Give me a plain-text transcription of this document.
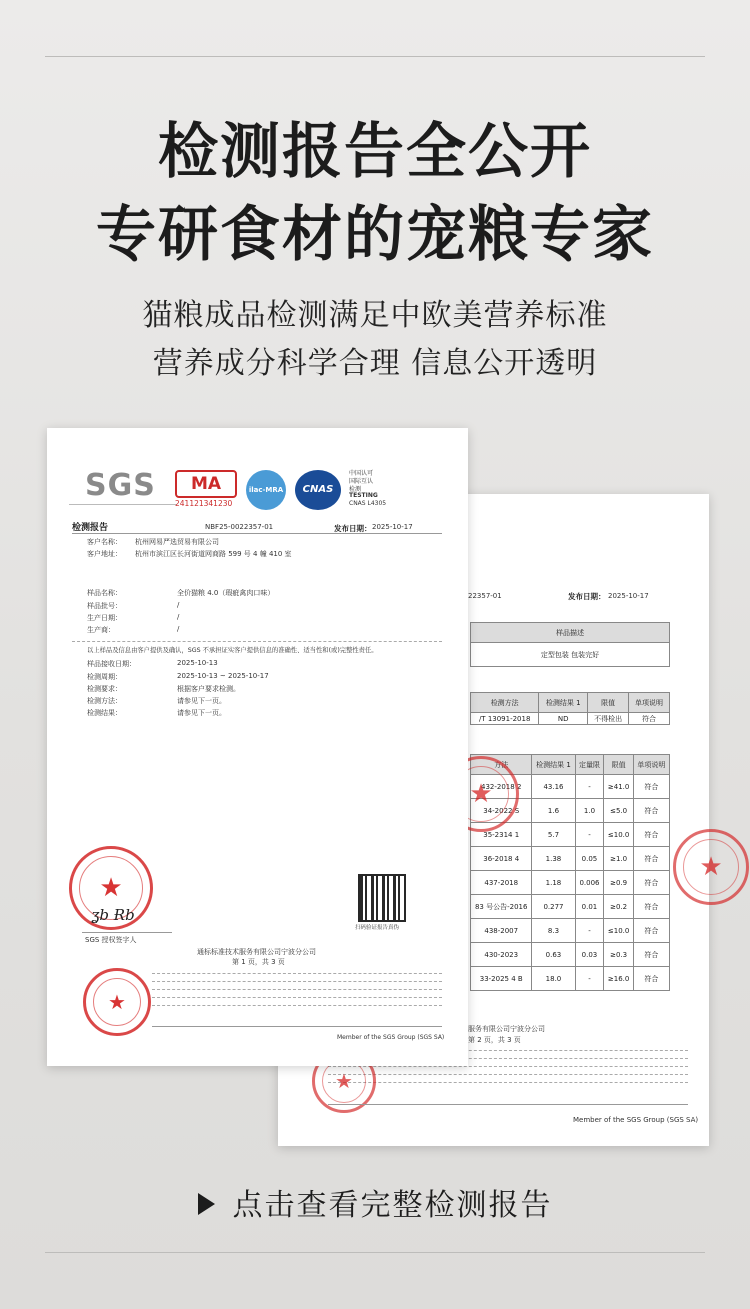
检测报告全公开
专研食材的宠粮专家
猫粮成品检测满足中欧美营养标准
营养成分科学合理 信息公开透明
22357-01	发布日期： 2025-10-17
样品描述
定型包装 包装完好
检测方法	检测结果 1	限值	单项说明
/T 13091-2018	ND	不得检出	符合
方法	检测结果 1	定量限	限值	单项说明
432-2018 2	43.16	-	≥41.0	符合
34-2022 S	1.6	1.0	≤5.0	符合
35-2314 1	5.7	-	≤10.0	符合
36-2018 4	1.38	0.05	≥1.0	符合
437-2018	1.18	0.006	≥0.9	符合
83 号公告-2016	0.277	0.01	≥0.2	符合
438-2007	8.3	-	≤10.0	符合
430-2023	0.63	0.03	≥0.3	符合
33-2025 4 B	18.0	-	≥16.0	符合
★
★
服务有限公司宁波分公司
第 2 页，共 3 页
★
Member of the SGS Group (SGS SA)
SGS	MA
241121341230
ilac-MRA	CNAS
中国认可
国际互认
检测
TESTING
CNAS L4305
检测报告	NBF25-0022357-01	发布日期： 2025-10-17
客户名称： 杭州网易严选贸易有限公司
客户地址： 杭州市滨江区长河街道网商路 599 号 4 幢 410 室
样品名称：	全价猫粮 4.0（瑕疵禽肉口味）
样品批号：	/
生产日期：	/
生产商：	/
以上样品及信息由客户提供及确认，SGS 不承担证实客户提供信息的准确性、适当性和(或)完整性责任。
样品接收日期：	2025-10-13
检测周期：	2025-10-13 ~ 2025-10-17
检测要求：	根据客户要求检测。
检测方法：	请参见下一页。
检测结果：	请参见下一页。
★
ʓb Ɍb
SGS 授权签字人
扫码验证报告真伪
通标标准技术服务有限公司宁波分公司
第 1 页，共 3 页
★
Member of the SGS Group (SGS SA)
点击查看完整检测报告
